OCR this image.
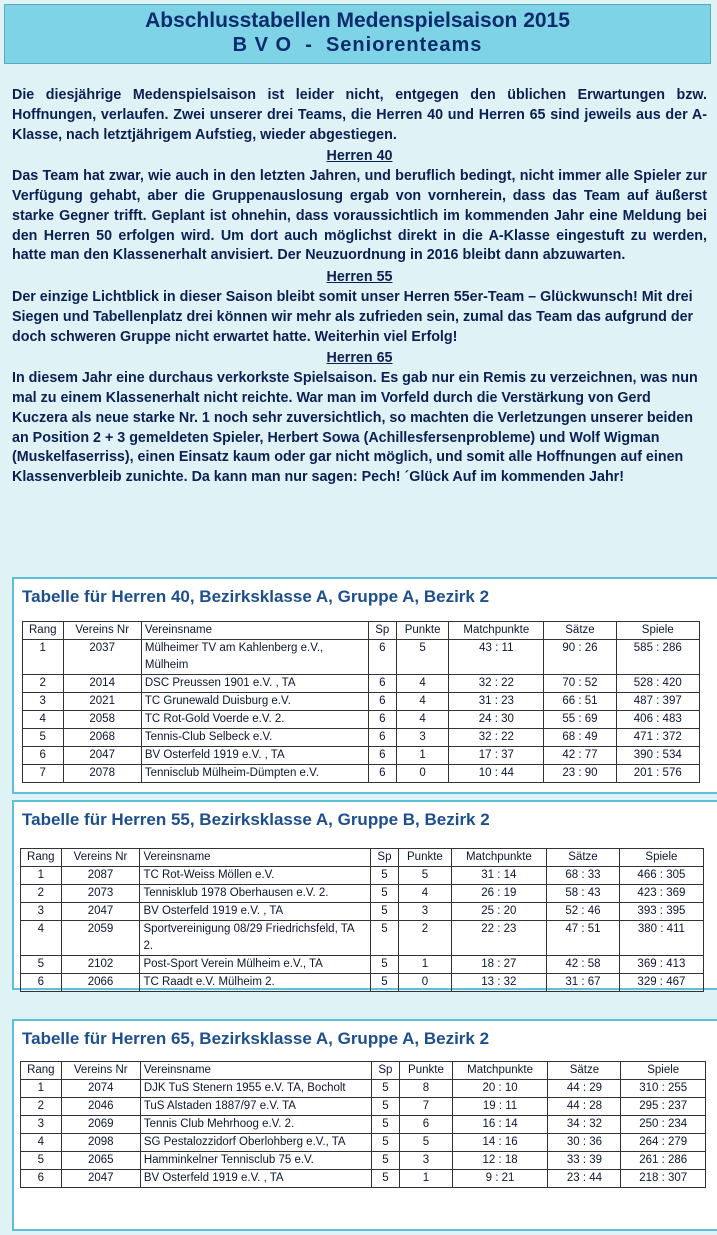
Abschlusstabellen Medenspielsaison 2015
B V O  -  Seniorenteams
Die diesjährige Medenspielsaison ist leider nicht, entgegen den üblichen Erwartungen bzw. Hoffnungen, verlaufen. Zwei unserer drei Teams, die Herren 40 und Herren 65 sind jeweils aus der A-Klasse, nach letztjährigem Aufstieg, wieder abgestiegen.
Herren 40
Das Team hat zwar, wie auch in den letzten Jahren, und beruflich bedingt, nicht immer alle Spieler zur Verfügung gehabt, aber die Gruppenauslosung ergab von vornherein, dass das Team auf äußerst starke Gegner trifft. Geplant ist ohnehin, dass voraussichtlich im kommenden Jahr eine Meldung bei den Herren 50 erfolgen wird. Um dort auch möglichst direkt in die A-Klasse eingestuft zu werden, hatte man den Klassenerhalt anvisiert. Der Neuzuordnung in 2016 bleibt dann abzuwarten.
Herren 55
Der einzige Lichtblick in dieser Saison bleibt somit unser Herren 55er-Team – Glückwunsch! Mit drei Siegen und Tabellenplatz drei können wir mehr als zufrieden sein, zumal das Team das aufgrund der doch schweren Gruppe nicht erwartet hatte. Weiterhin viel Erfolg!
Herren 65
In diesem Jahr eine durchaus verkorkste Spielsaison. Es gab nur ein Remis zu verzeichnen, was nun mal zu einem Klassenerhalt nicht reichte. War man im Vorfeld durch die Verstärkung von Gerd Kuczera als neue starke Nr. 1 noch sehr zuversichtlich, so machten die Verletzungen unserer beiden an Position 2 + 3 gemeldeten Spieler, Herbert Sowa (Achillesfersenprobleme) und Wolf Wigman (Muskelfaserriss), einen Einsatz kaum oder gar nicht möglich, und somit alle Hoffnungen auf einen Klassenverbleib zunichte. Da kann man nur sagen: Pech! ´Glück Auf im kommenden Jahr!
Tabelle für Herren 40, Bezirksklasse A, Gruppe A, Bezirk 2
Rang	Vereins Nr	Vereinsname	Sp	Punkte	Matchpunkte	Sätze	Spiele
1	2037	Mülheimer TV am Kahlenberg e.V., Mülheim	6	5	43 : 11	90 : 26	585 : 286
2	2014	DSC Preussen 1901 e.V. , TA	6	4	32 : 22	70 : 52	528 : 420
3	2021	TC Grunewald Duisburg e.V.	6	4	31 : 23	66 : 51	487 : 397
4	2058	TC Rot-Gold Voerde e.V. 2.	6	4	24 : 30	55 : 69	406 : 483
5	2068	Tennis-Club Selbeck e.V.	6	3	32 : 22	68 : 49	471 : 372
6	2047	BV Osterfeld 1919 e.V. , TA	6	1	17 : 37	42 : 77	390 : 534
7	2078	Tennisclub Mülheim-Dümpten e.V.	6	0	10 : 44	23 : 90	201 : 576
Tabelle für Herren 55, Bezirksklasse A, Gruppe B, Bezirk 2
Rang	Vereins Nr	Vereinsname	Sp	Punkte	Matchpunkte	Sätze	Spiele
1	2087	TC Rot-Weiss Möllen e.V.	5	5	31 : 14	68 : 33	466 : 305
2	2073	Tennisklub 1978 Oberhausen e.V. 2.	5	4	26 : 19	58 : 43	423 : 369
3	2047	BV Osterfeld 1919 e.V. , TA	5	3	25 : 20	52 : 46	393 : 395
4	2059	Sportvereinigung 08/29 Friedrichsfeld, TA 2.	5	2	22 : 23	47 : 51	380 : 411
5	2102	Post-Sport Verein Mülheim e.V., TA	5	1	18 : 27	42 : 58	369 : 413
6	2066	TC Raadt e.V. Mülheim 2.	5	0	13 : 32	31 : 67	329 : 467
Tabelle für Herren 65, Bezirksklasse A, Gruppe A, Bezirk 2
Rang	Vereins Nr	Vereinsname	Sp	Punkte	Matchpunkte	Sätze	Spiele
1	2074	DJK TuS Stenern 1955 e.V. TA, Bocholt	5	8	20 : 10	44 : 29	310 : 255
2	2046	TuS Alstaden 1887/97 e.V. TA	5	7	19 : 11	44 : 28	295 : 237
3	2069	Tennis Club Mehrhoog e.V. 2.	5	6	16 : 14	34 : 32	250 : 234
4	2098	SG Pestalozzidorf Oberlohberg e.V., TA	5	5	14 : 16	30 : 36	264 : 279
5	2065	Hamminkelner Tennisclub 75 e.V.	5	3	12 : 18	33 : 39	261 : 286
6	2047	BV Osterfeld 1919 e.V. , TA	5	1	9 : 21	23 : 44	218 : 307
